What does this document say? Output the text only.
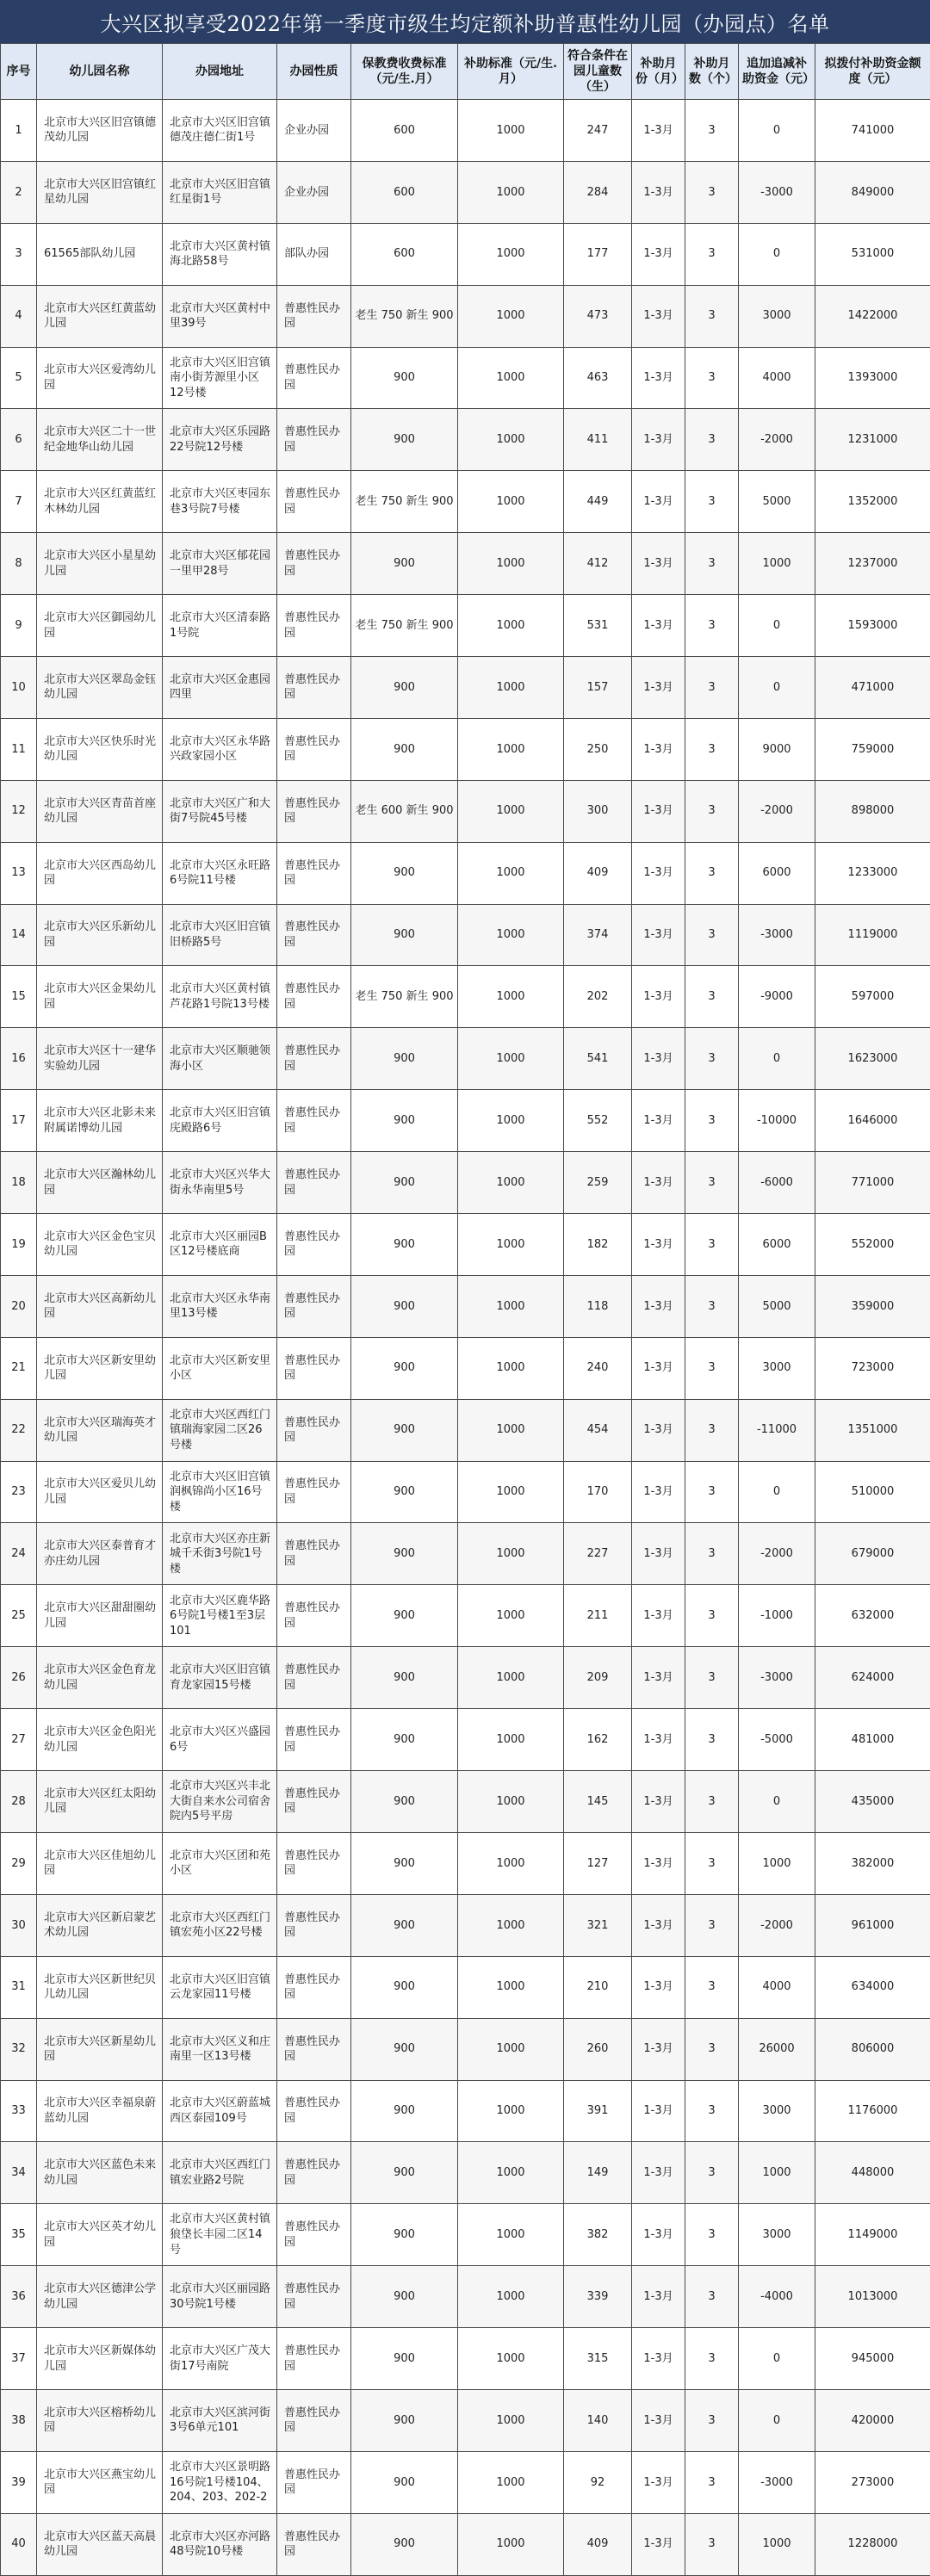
大兴区拟享受2022年第一季度市级生均定额补助普惠性幼儿园（办园点）名单
序号	幼儿园名称	办园地址	办园性质	保教费收费标准（元/生.月）	补助标准（元/生.月）	符合条件在园儿童数（生）	补助月份（月）	补助月数（个）	追加追减补助资金（元）	拟拨付补助资金额度（元）
1	北京市大兴区旧宫镇德茂幼儿园	北京市大兴区旧宫镇德茂庄德仁街1号	企业办园	600	1000	247	1-3月	3	0	741000
2	北京市大兴区旧宫镇红星幼儿园	北京市大兴区旧宫镇红星街1号	企业办园	600	1000	284	1-3月	3	-3000	849000
3	61565部队幼儿园	北京市大兴区黄村镇海北路58号	部队办园	600	1000	177	1-3月	3	0	531000
4	北京市大兴区红黄蓝幼儿园	北京市大兴区黄村中里39号	普惠性民办园	老生 750 新生 900	1000	473	1-3月	3	3000	1422000
5	北京市大兴区爱湾幼儿园	北京市大兴区旧宫镇南小街芳源里小区12号楼	普惠性民办园	900	1000	463	1-3月	3	4000	1393000
6	北京市大兴区二十一世纪金地华山幼儿园	北京市大兴区乐园路22号院12号楼	普惠性民办园	900	1000	411	1-3月	3	-2000	1231000
7	北京市大兴区红黄蓝红木林幼儿园	北京市大兴区枣园东巷3号院7号楼	普惠性民办园	老生 750 新生 900	1000	449	1-3月	3	5000	1352000
8	北京市大兴区小星星幼儿园	北京市大兴区郁花园一里甲28号	普惠性民办园	900	1000	412	1-3月	3	1000	1237000
9	北京市大兴区御园幼儿园	北京市大兴区清泰路1号院	普惠性民办园	老生 750 新生 900	1000	531	1-3月	3	0	1593000
10	北京市大兴区翠岛金钰幼儿园	北京市大兴区金惠园四里	普惠性民办园	900	1000	157	1-3月	3	0	471000
11	北京市大兴区快乐时光幼儿园	北京市大兴区永华路兴政家园小区	普惠性民办园	900	1000	250	1-3月	3	9000	759000
12	北京市大兴区青苗首座幼儿园	北京市大兴区广和大街7号院45号楼	普惠性民办园	老生 600 新生 900	1000	300	1-3月	3	-2000	898000
13	北京市大兴区西岛幼儿园	北京市大兴区永旺路6号院11号楼	普惠性民办园	900	1000	409	1-3月	3	6000	1233000
14	北京市大兴区乐新幼儿园	北京市大兴区旧宫镇旧桥路5号	普惠性民办园	900	1000	374	1-3月	3	-3000	1119000
15	北京市大兴区金果幼儿园	北京市大兴区黄村镇芦花路1号院13号楼	普惠性民办园	老生 750 新生 900	1000	202	1-3月	3	-9000	597000
16	北京市大兴区十一建华实验幼儿园	北京市大兴区顺驰领海小区	普惠性民办园	900	1000	541	1-3月	3	0	1623000
17	北京市大兴区北影未来附属诺博幼儿园	北京市大兴区旧宫镇庑殿路6号	普惠性民办园	900	1000	552	1-3月	3	-10000	1646000
18	北京市大兴区瀚林幼儿园	北京市大兴区兴华大街永华南里5号	普惠性民办园	900	1000	259	1-3月	3	-6000	771000
19	北京市大兴区金色宝贝幼儿园	北京市大兴区丽园B区12号楼底商	普惠性民办园	900	1000	182	1-3月	3	6000	552000
20	北京市大兴区高新幼儿园	北京市大兴区永华南里13号楼	普惠性民办园	900	1000	118	1-3月	3	5000	359000
21	北京市大兴区新安里幼儿园	北京市大兴区新安里小区	普惠性民办园	900	1000	240	1-3月	3	3000	723000
22	北京市大兴区瑞海英才幼儿园	北京市大兴区西红门镇瑞海家园二区26号楼	普惠性民办园	900	1000	454	1-3月	3	-11000	1351000
23	北京市大兴区爱贝儿幼儿园	北京市大兴区旧宫镇润枫锦尚小区16号楼	普惠性民办园	900	1000	170	1-3月	3	0	510000
24	北京市大兴区泰普育才亦庄幼儿园	北京市大兴区亦庄新城千禾街3号院1号楼	普惠性民办园	900	1000	227	1-3月	3	-2000	679000
25	北京市大兴区甜甜圈幼儿园	北京市大兴区鹿华路6号院1号楼1至3层101	普惠性民办园	900	1000	211	1-3月	3	-1000	632000
26	北京市大兴区金色育龙幼儿园	北京市大兴区旧宫镇育龙家园15号楼	普惠性民办园	900	1000	209	1-3月	3	-3000	624000
27	北京市大兴区金色阳光幼儿园	北京市大兴区兴盛园6号	普惠性民办园	900	1000	162	1-3月	3	-5000	481000
28	北京市大兴区红太阳幼儿园	北京市大兴区兴丰北大街自来水公司宿舍院内5号平房	普惠性民办园	900	1000	145	1-3月	3	0	435000
29	北京市大兴区佳旭幼儿园	北京市大兴区团和苑小区	普惠性民办园	900	1000	127	1-3月	3	1000	382000
30	北京市大兴区新启蒙艺术幼儿园	北京市大兴区西红门镇宏苑小区22号楼	普惠性民办园	900	1000	321	1-3月	3	-2000	961000
31	北京市大兴区新世纪贝儿幼儿园	北京市大兴区旧宫镇云龙家园11号楼	普惠性民办园	900	1000	210	1-3月	3	4000	634000
32	北京市大兴区新星幼儿园	北京市大兴区义和庄南里一区13号楼	普惠性民办园	900	1000	260	1-3月	3	26000	806000
33	北京市大兴区幸福泉蔚蓝幼儿园	北京市大兴区蔚蓝城西区泰园109号	普惠性民办园	900	1000	391	1-3月	3	3000	1176000
34	北京市大兴区蓝色未来幼儿园	北京市大兴区西红门镇宏业路2号院	普惠性民办园	900	1000	149	1-3月	3	1000	448000
35	北京市大兴区英才幼儿园	北京市大兴区黄村镇狼垡长丰园二区14号	普惠性民办园	900	1000	382	1-3月	3	3000	1149000
36	北京市大兴区德津公学幼儿园	北京市大兴区丽园路30号院1号楼	普惠性民办园	900	1000	339	1-3月	3	-4000	1013000
37	北京市大兴区新媒体幼儿园	北京市大兴区广茂大街17号南院	普惠性民办园	900	1000	315	1-3月	3	0	945000
38	北京市大兴区榕桥幼儿园	北京市大兴区滨河街3号6单元101	普惠性民办园	900	1000	140	1-3月	3	0	420000
39	北京市大兴区燕宝幼儿园	北京市大兴区景明路16号院1号楼104、204、203、202-2	普惠性民办园	900	1000	92	1-3月	3	-3000	273000
40	北京市大兴区蓝天高晨幼儿园	北京市大兴区亦河路48号院10号楼	普惠性民办园	900	1000	409	1-3月	3	1000	1228000
